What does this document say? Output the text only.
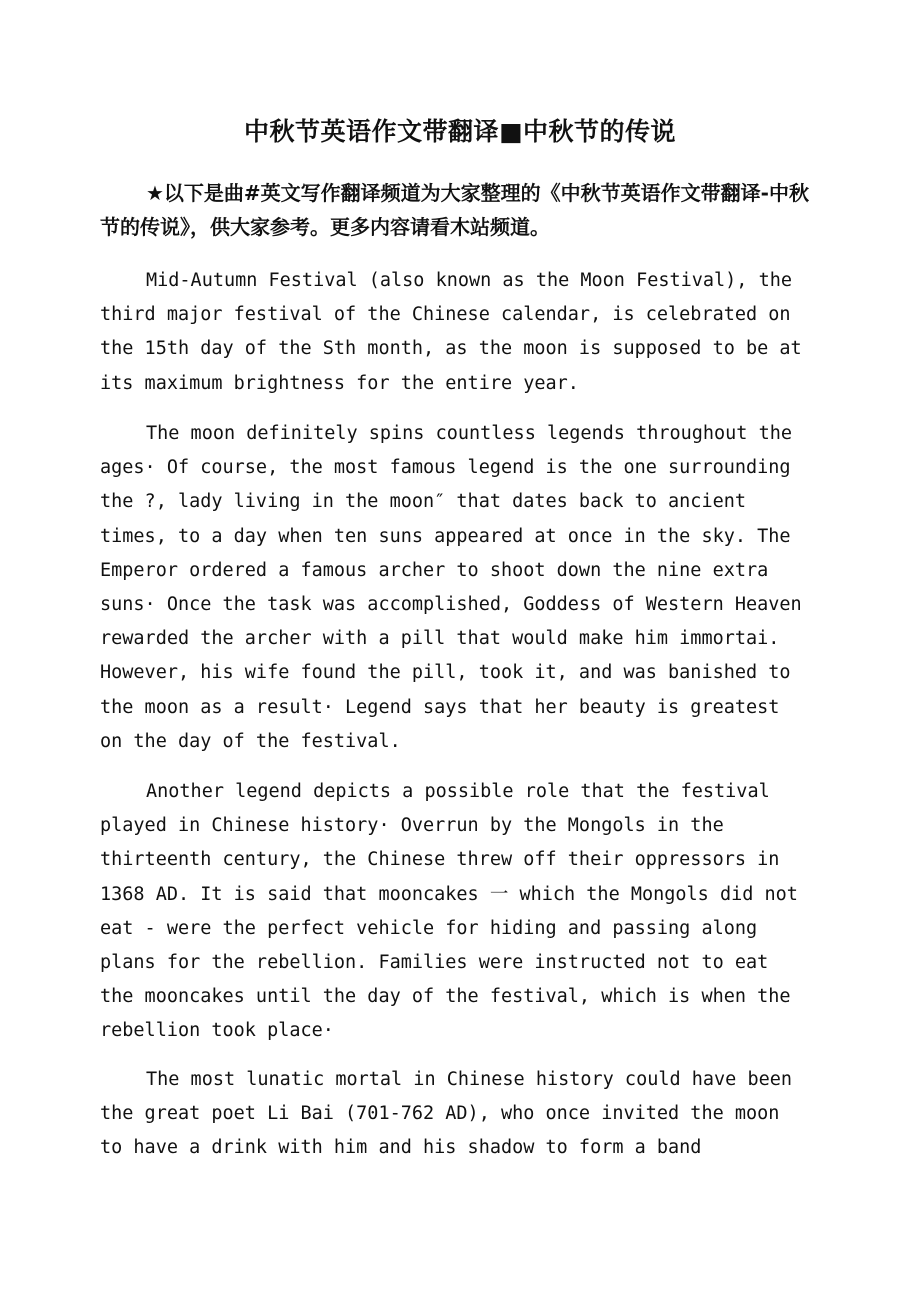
中秋节英语作文带翻译■中秋节的传说

★以下是曲#英文写作翻译频道为大家整理的《中秋节英语作文带翻译-中秋节的传说》，供大家参考。更多内容请看木站频道。

Mid-Autumn Festival (also known as the Moon Festival), the third major festival of the Chinese calendar, is celebrated on the 15th day of the Sth month, as the moon is supposed to be at its maximum brightness for the entire year.

The moon definitely spins countless legends throughout the ages· Of course, the most famous legend is the one surrounding the ?, lady living in the moon″ that dates back to ancient times, to a day when ten suns appeared at once in the sky. The Emperor ordered a famous archer to shoot down the nine extra suns· Once the task was accomplished, Goddess of Western Heaven rewarded the archer with a pill that would make him immortai. However, his wife found the pill, took it, and was banished to the moon as a result· Legend says that her beauty is greatest on the day of the festival.

Another legend depicts a possible role that the festival played in Chinese history· Overrun by the Mongols in the thirteenth century, the Chinese threw off their oppressors in 1368 AD. It is said that mooncakes 一 which the Mongols did not eat - were the perfect vehicle for hiding and passing along plans for the rebellion. Families were instructed not to eat the mooncakes until the day of the festival, which is when the rebellion took place·

The most lunatic mortal in Chinese history could have been the great poet Li Bai (701-762 AD), who once invited the moon to have a drink with him and his shadow to form a band
